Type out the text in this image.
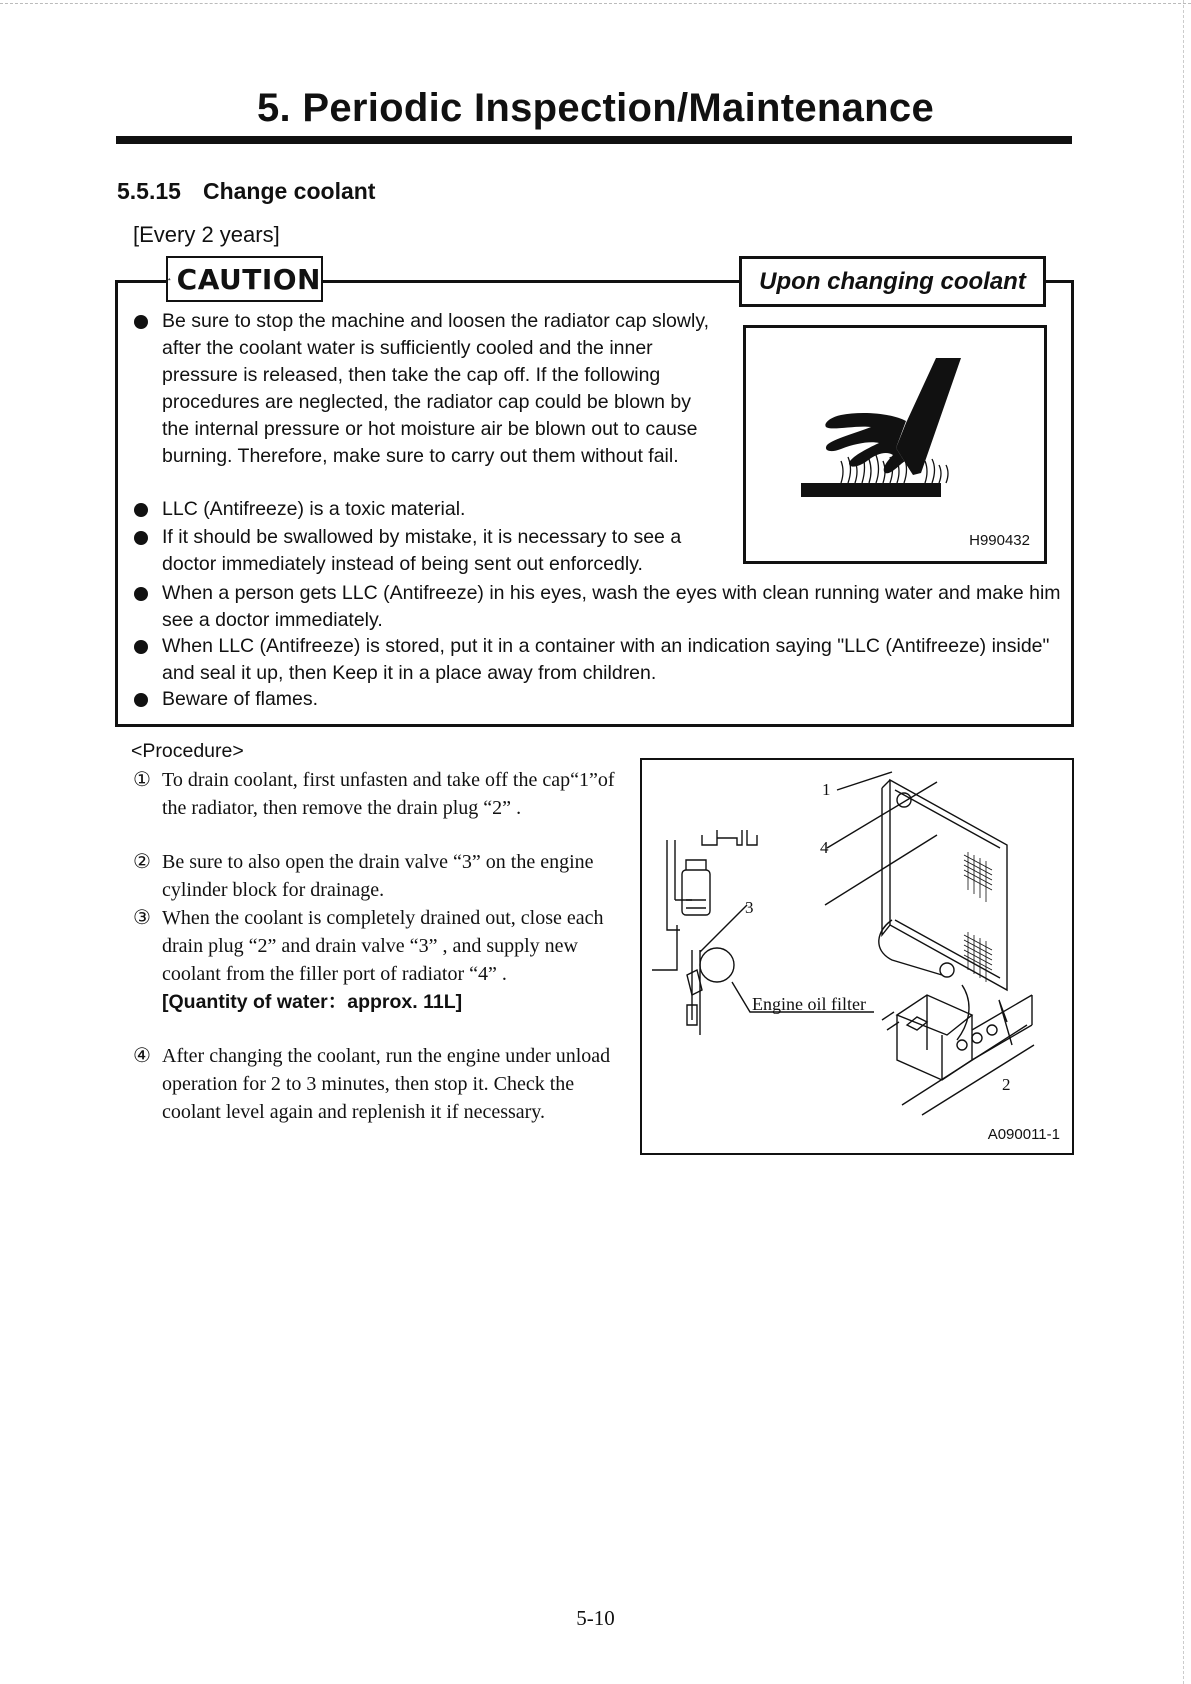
5. Periodic Inspection/Maintenance
5.5.15 Change coolant
[Every 2 years]
CAUTION	Upon changing coolant
H990432
Be sure to stop the machine and loosen the radiator cap slowly, after the coolant water is sufficiently cooled and the inner pressure is released, then take the cap off. If the following procedures are neglected, the radiator cap could be blown by the internal pressure or hot moisture air be blown out to cause burning. Therefore, make sure to carry out them without fail.
LLC (Antifreeze) is a toxic material.
If it should be swallowed by mistake, it is necessary to see a doctor immediately instead of being sent out enforcedly.
When a person gets LLC (Antifreeze) in his eyes, wash the eyes with clean running water and make him see a doctor immediately.
When LLC (Antifreeze) is stored, put it in a container with an indication saying "LLC (Antifreeze) inside" and seal it up, then Keep it in a place away from children.
Beware of flames.
<Procedure>
① To drain coolant, first unfasten and take off the cap“1”of the radiator, then remove the drain plug “2” .
② Be sure to also open the drain valve “3” on the engine cylinder block for drainage.
③ When the coolant is completely drained out, close each drain plug “2” and drain valve “3” , and supply new coolant from the filler port of radiator “4” .
[Quantity of water：approx. 11L]
④ After changing the coolant, run the engine under unload operation for 2 to 3 minutes, then stop it. Check the coolant level again and replenish it if necessary.
1
4
3
Engine oil filter
2
A090011-1
5-10
